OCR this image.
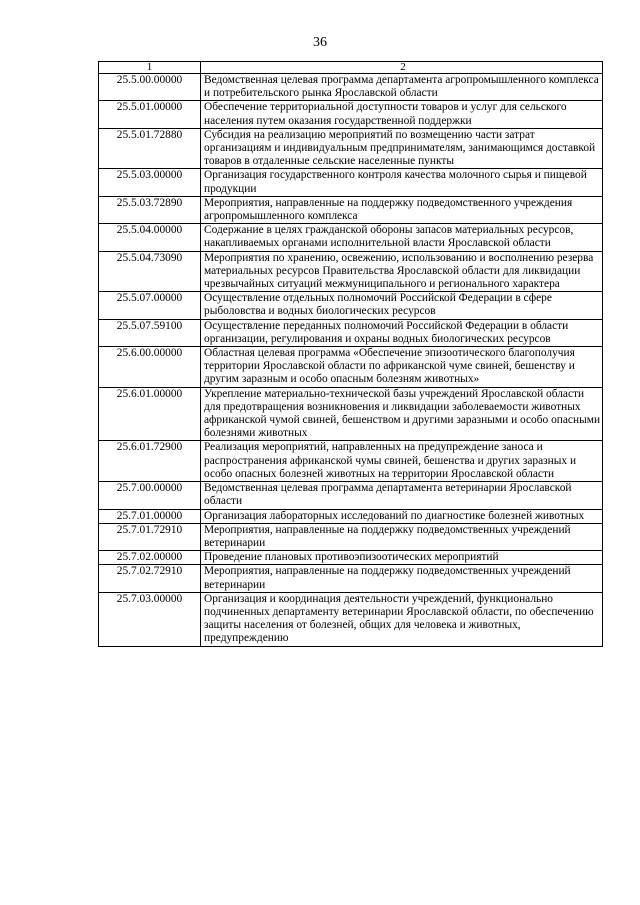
36
1	2
25.5.00.00000	Ведомственная целевая программа департамента агропромышленного комплекса и потребительского рынка Ярославской области
25.5.01.00000	Обеспечение территориальной доступности товаров и услуг для сельского населения путем оказания государственной поддержки
25.5.01.72880	Субсидия на реализацию мероприятий по возмещению части затрат организациям и индивидуальным предпринимателям, занимающимся доставкой товаров в отдаленные сельские населенные пункты
25.5.03.00000	Организация государственного контроля качества молочного сырья и пищевой продукции
25.5.03.72890	Мероприятия, направленные на поддержку подведомственного учреждения агропромышленного комплекса
25.5.04.00000	Содержание в целях гражданской обороны запасов материальных ресурсов, накапливаемых органами исполнительной власти Ярославской области
25.5.04.73090	Мероприятия по хранению, освежению, использованию и восполнению резерва материальных ресурсов Правительства Ярославской области для ликвидации чрезвычайных ситуаций межмуниципального и регионального характера
25.5.07.00000	Осуществление отдельных полномочий Российской Федерации в сфере рыболовства и водных биологических ресурсов
25.5.07.59100	Осуществление переданных полномочий Российской Федерации в области организации, регулирования и охраны водных биологических ресурсов
25.6.00.00000	Областная целевая программа «Обеспечение эпизоотического благополучия территории Ярославской области по африканской чуме свиней, бешенству и другим заразным и особо опасным болезням животных»
25.6.01.00000	Укрепление материально-технической базы учреждений Ярославской области для предотвращения возникновения и ликвидации заболеваемости животных африканской чумой свиней, бешенством и другими заразными и особо опасными болезнями животных
25.6.01.72900	Реализация мероприятий, направленных на предупреждение заноса и распространения африканской чумы свиней, бешенства и других заразных и особо опасных болезней животных на территории Ярославской области
25.7.00.00000	Ведомственная целевая программа департамента ветеринарии Ярославской области
25.7.01.00000	Организация лабораторных исследований по диагностике болезней животных
25.7.01.72910	Мероприятия, направленные на поддержку подведомственных учреждений ветеринарии
25.7.02.00000	Проведение плановых противоэпизоотических мероприятий
25.7.02.72910	Мероприятия, направленные на поддержку подведомственных учреждений ветеринарии
25.7.03.00000	Организация и координация деятельности учреждений, функционально подчиненных департаменту ветеринарии Ярославской области, по обеспечению защиты населения от болезней, общих для человека и животных, предупреждению
